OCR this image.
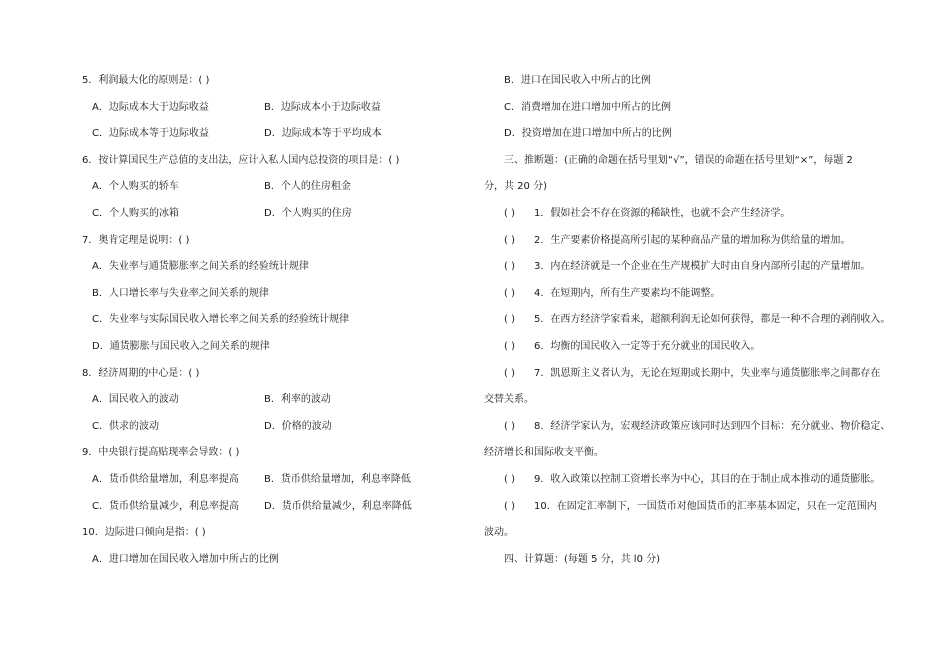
5．利润最大化的原则是：( )
A．边际成本大于边际收益	B．边际成本小于边际收益
C．边际成本等于边际收益	D．边际成本等于平均成本
6．按计算国民生产总值的支出法，应计入私人国内总投资的项目是：( )
A．个人购买的轿车	B．个人的住房租金
C．个人购买的冰箱	D．个人购买的住房
7．奥肯定理是说明：( )
A．失业率与通货膨胀率之间关系的经验统计规律
B．人口增长率与失业率之间关系的规律
C．失业率与实际国民收入增长率之间关系的经验统计规律
D．通货膨胀与国民收入之间关系的规律
8．经济周期的中心是：( )
A．国民收入的波动	B．利率的波动
C．供求的波动	D．价格的波动
9．中央银行提高贴现率会导致：( )
A．货币供给量增加，利息率提高	B．货币供给量增加，利息率降低
C．货币供给量减少，利息率提高	D．货币供给量减少，利息率降低
10．边际进口倾向是指：( )
A．进口增加在国民收入增加中所占的比例
B．进口在国民收入中所占的比例
C．消费增加在进口增加中所占的比例
D．投资增加在进口增加中所占的比例
三、推断题：(正确的命题在括号里划“√”，错误的命题在括号里划“×”，每题 2
分，共 20 分)
( ) 1．假如社会不存在资源的稀缺性，也就不会产生经济学。
( ) 2．生产要素价格提高所引起的某种商品产量的增加称为供给量的增加。
( ) 3．内在经济就是一个企业在生产规模扩大时由自身内部所引起的产量增加。
( ) 4．在短期内，所有生产要素均不能调整。
( ) 5．在西方经济学家看来，超额利润无论如何获得，都是一种不合理的剥削收入。
( ) 6．均衡的国民收入一定等于充分就业的国民收入。
( ) 7．凯恩斯主义者认为，无论在短期或长期中，失业率与通货膨胀率之间都存在
交替关系。
( ) 8．经济学家认为，宏观经济政策应该同时达到四个目标：充分就业、物价稳定、
经济增长和国际收支平衡。
( ) 9．收入政策以控制工资增长率为中心，其目的在于制止成本推动的通货膨胀。
( ) 10．在固定汇率制下，一国货币对他国货币的汇率基本固定，只在一定范围内
波动。
四、计算题：(每题 5 分，共 l0 分)
